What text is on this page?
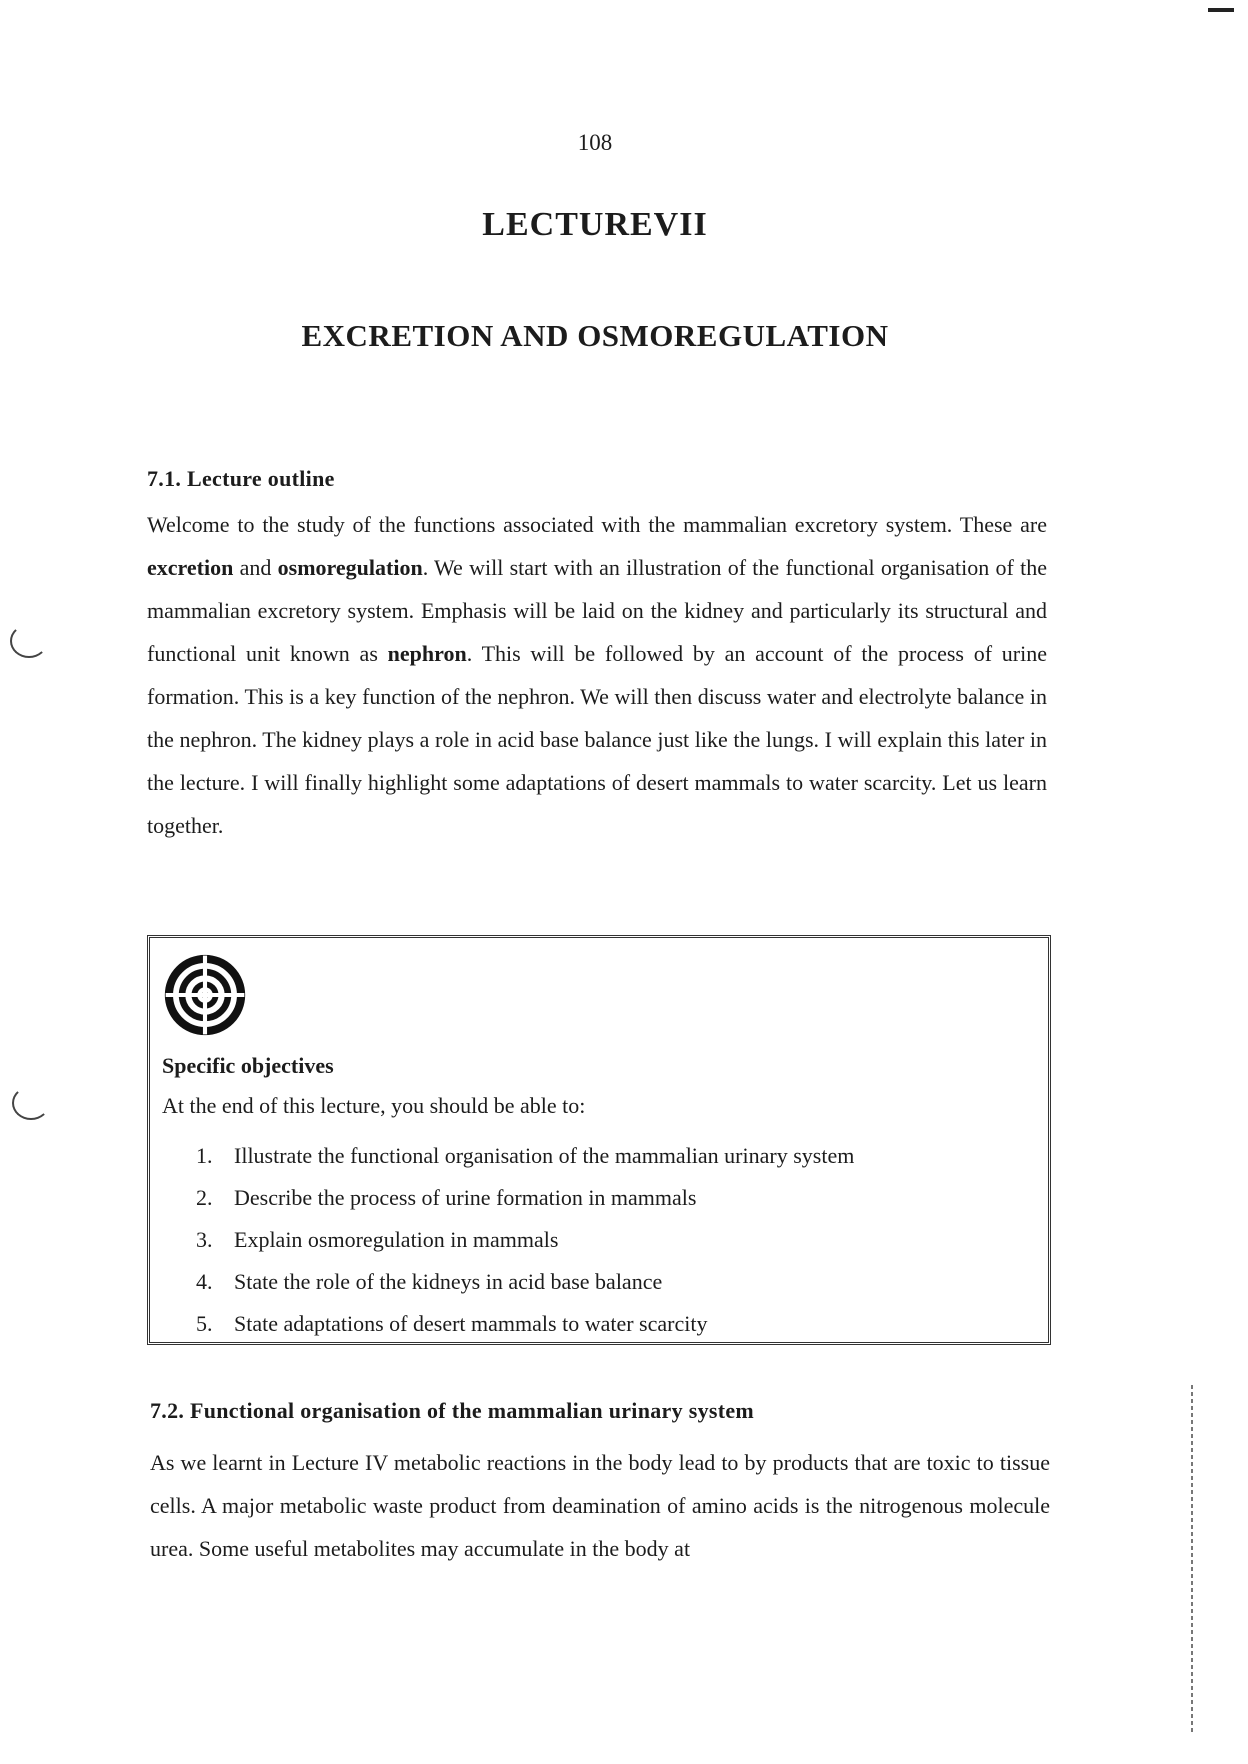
108
LECTUREVII
EXCRETION AND OSMOREGULATION
7.1. Lecture outline
Welcome to the study of the functions associated with the mammalian excretory system. These are excretion and osmoregulation. We will start with an illustration of the functional organisation of the mammalian excretory system. Emphasis will be laid on the kidney and particularly its structural and functional unit known as nephron. This will be followed by an account of the process of urine formation. This is a key function of the nephron. We will then discuss water and electrolyte balance in the nephron. The kidney plays a role in acid base balance just like the lungs. I will explain this later in the lecture. I will finally highlight some adaptations of desert mammals to water scarcity. Let us learn together.
Specific objectives
At the end of this lecture, you should be able to:
1. Illustrate the functional organisation of the mammalian urinary system
2. Describe the process of urine formation in mammals
3. Explain osmoregulation in mammals
4. State the role of the kidneys in acid base balance
5. State adaptations of desert mammals to water scarcity
7.2. Functional organisation of the mammalian urinary system
As we learnt in Lecture IV metabolic reactions in the body lead to by products that are toxic to tissue cells. A major metabolic waste product from deamination of amino acids is the nitrogenous molecule urea. Some useful metabolites may accumulate in the body at
